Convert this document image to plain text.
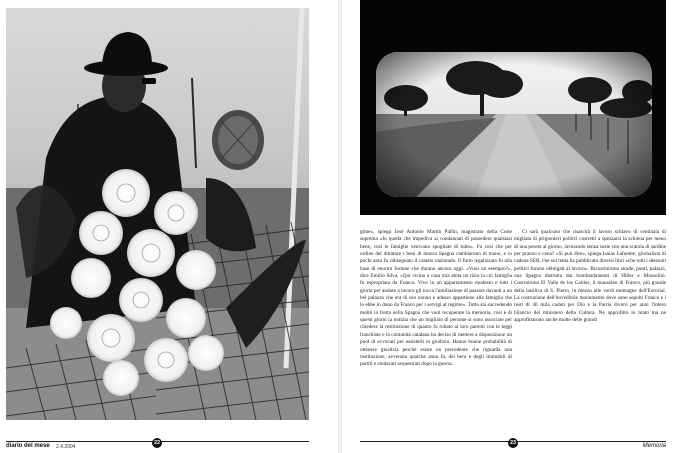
gime», spiega José Antonio Martín Pallín, magistrato della Corte suprema «fu quella che impediva ai condannati di possedere qualsiasi bene, così le famiglie venivano spogliate di tutto». Fu così che per ordine del dittatore i beni di mezza Spagna cambiarono di mano, e in pochi anni fu ridisegnato il catasto nazionale. Il furto legalizzato fu alla base di enormi fortune che durano ancora oggi. «Vuoi un esempio?», dice Emilio Silva, «Qui vicino a casa mia abita un tizio la cui famiglia fu espropriata da Franco. Vive in un appartamento modesto e tutti i giorni per andare a lavoro gli tocca l'umiliazione di passare davanti a un bel palazzo che era di suo nonno e adesso appartiene alla famiglia che lo ebbe in dono da Franco per i servigi al regime». Tutto sta succedendo molto in fretta nella Spagna che vuol recuperare la memoria, così è di questi giorni la notizia che un migliaio di persone si sono associate per chiedere la restituzione di quanto fu rubato ai loro parenti con le leggi franchiste e la comunità catalana ha deciso di mettere a disposizione un pool di avvocati per assisterli in giudizio. Hanno buone probabilità di ottenere giustizia perché esiste un precedente che riguarda una restituzione, avvenuta qualche anno fa, dei beni e degli immobili di partiti e sindacati sequestrati dopo la guerra.

Ci sarà qualcuno che risarcirà il lavoro schiavo di centinaia di migliaia di prigionieri politici costretti a spezzarsi la schiena per meno di una peseta al giorno, lavorando senza soste con una scatola di sardine per pranzo e cena? «Sì può dire», spiega Isaias Lafuente, giornalista di cadena SER, che sul tema ha pubblicato diversi libri «che tutti i detenuti politici furono obbligati al lavoro». Ricostruirono strade, ponti, palazzi, una Spagna distrutta dai bombardamenti di Hitler e Mussolini. Costruirono El Valle de los Caídos, il mausoleo di Franco, più grande della basilica di S. Pietro, in mezzo alle verdi montagne dell'Escorial. La costruzione dell'incredibile monumento dove sono sepolti Franco e i resti di 40 mila caduti per Dio e la Patria divorò per anni l'intero bilancio del ministero della Cultura. Ne approfittò lo Stato ma ne approfittarono anche molte delle grandi

diario del mese 2.4.2004
22	23	Memoria
